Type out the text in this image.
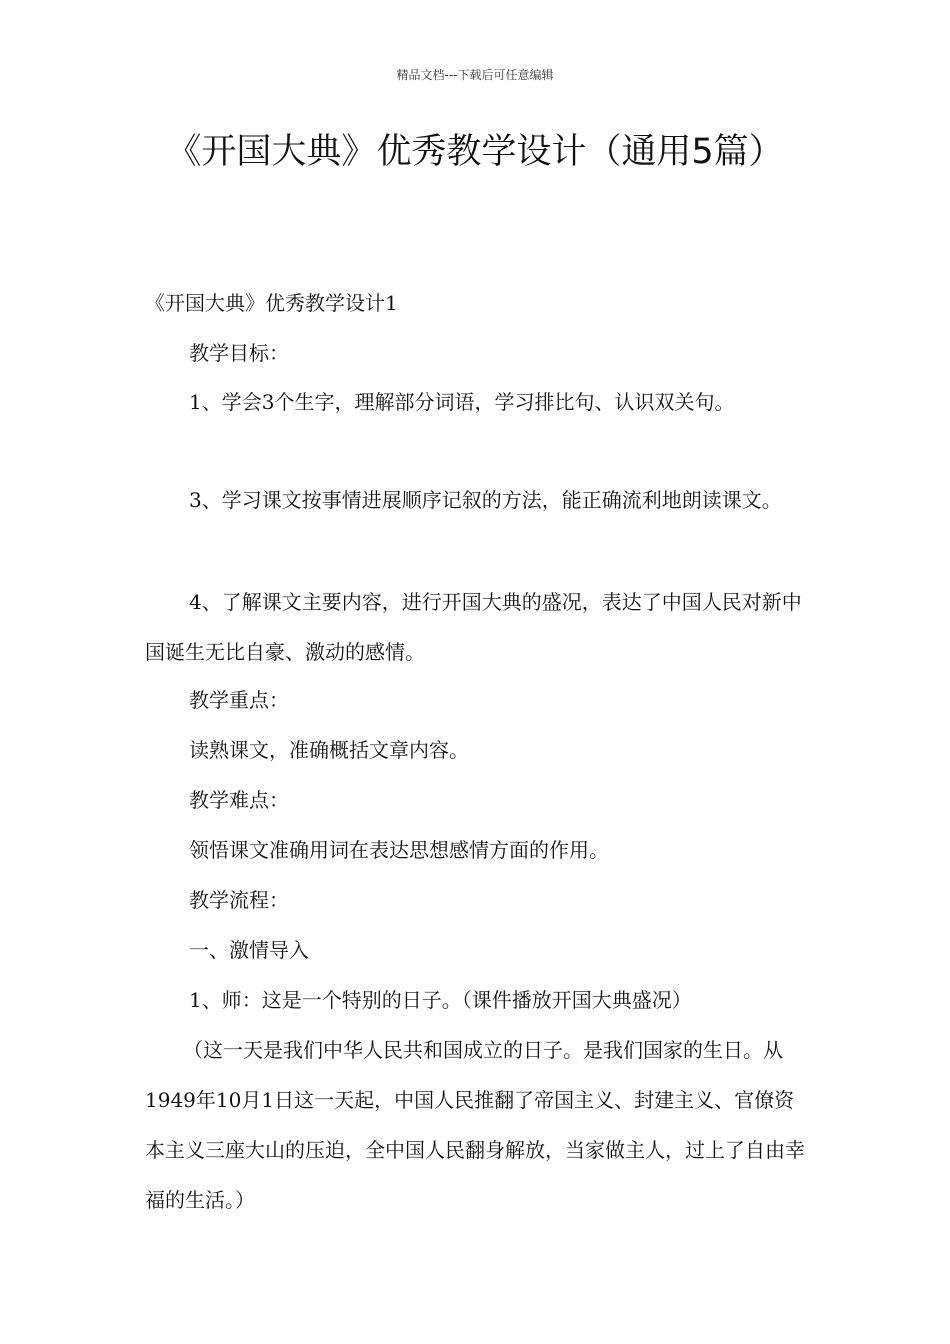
精品文档---下载后可任意编辑
《开国大典》优秀教学设计（通用5篇）

《开国大典》优秀教学设计1

教学目标：

1、学会3个生字，理解部分词语，学习排比句、认识双关句。

3、学习课文按事情进展顺序记叙的方法，能正确流利地朗读课文。

4、了解课文主要内容，进行开国大典的盛况，表达了中国人民对新中国诞生无比自豪、激动的感情。

教学重点：

读熟课文，准确概括文章内容。

教学难点：

领悟课文准确用词在表达思想感情方面的作用。

教学流程：

一、激情导入

1、师：这是一个特别的日子。（课件播放开国大典盛况）

（这一天是我们中华人民共和国成立的日子。是我们国家的生日。从1949年10月1日这一天起，中国人民推翻了帝国主义、封建主义、官僚资本主义三座大山的压迫，全中国人民翻身解放，当家做主人，过上了自由幸福的生活。）
